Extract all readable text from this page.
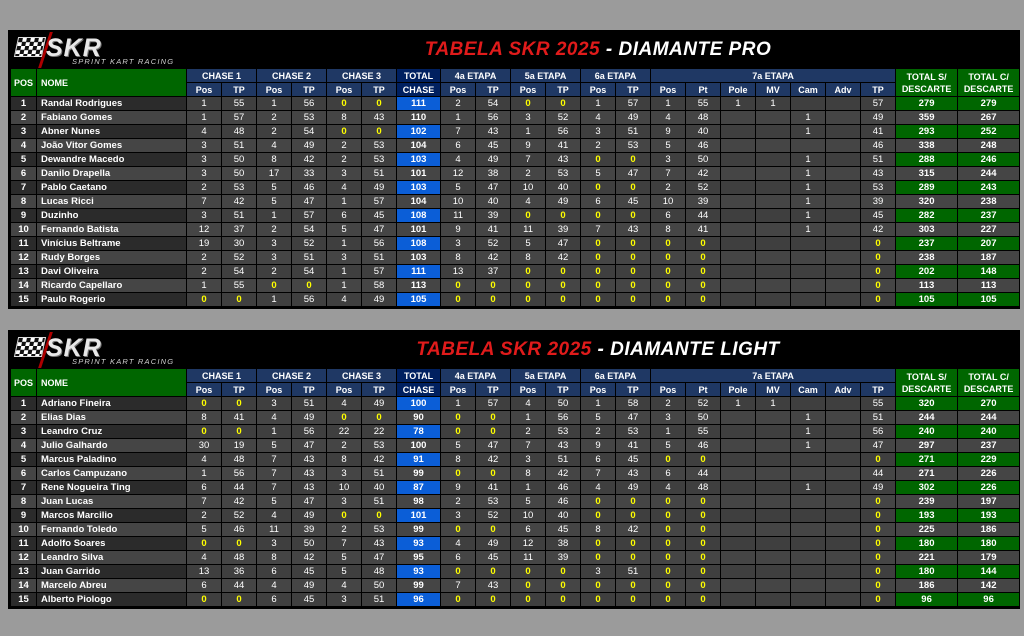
SKR
SPRINT KART RACING
TABELA SKR 2025 - DIAMANTE PRO
POS	NOME	CHASE 1		CHASE 2		CHASE 3		TOTAL	4a ETAPA		5a ETAPA		6a ETAPA		7a ETAPA							TOTAL S/ DESCARTE	TOTAL C/ DESCARTE
		Pos	TP	Pos	TP	Pos	TP	CHASE	Pos	TP	Pos	TP	Pos	TP	Pos	Pt	Pole	MV	Cam	Adv	TP		
1	Randal Rodrigues	1	55	1	56	0	0	111	2	54	0	0	1	57	1	55	1	1			57	279	279
2	Fabiano Gomes	1	57	2	53	8	43	110	1	56	3	52	4	49	4	48			1		49	359	267
3	Abner Nunes	4	48	2	54	0	0	102	7	43	1	56	3	51	9	40			1		41	293	252
4	João Vitor Gomes	3	51	4	49	2	53	104	6	45	9	41	2	53	5	46					46	338	248
5	Dewandre Macedo	3	50	8	42	2	53	103	4	49	7	43	0	0	3	50			1		51	288	246
6	Danilo Drapella	3	50	17	33	3	51	101	12	38	2	53	5	47	7	42			1		43	315	244
7	Pablo Caetano	2	53	5	46	4	49	103	5	47	10	40	0	0	2	52			1		53	289	243
8	Lucas Ricci	7	42	5	47	1	57	104	10	40	4	49	6	45	10	39			1		39	320	238
9	Duzinho	3	51	1	57	6	45	108	11	39	0	0	0	0	6	44			1		45	282	237
10	Fernando Batista	12	37	2	54	5	47	101	9	41	11	39	7	43	8	41			1		42	303	227
11	Vinícius Beltrame	19	30	3	52	1	56	108	3	52	5	47	0	0	0	0					0	237	207
12	Rudy Borges	2	52	3	51	3	51	103	8	42	8	42	0	0	0	0					0	238	187
13	Davi Oliveira	2	54	2	54	1	57	111	13	37	0	0	0	0	0	0					0	202	148
14	Ricardo Capellaro	1	55	0	0	1	58	113	0	0	0	0	0	0	0	0					0	113	113
15	Paulo Rogerio	0	0	1	56	4	49	105	0	0	0	0	0	0	0	0					0	105	105
SKR
SPRINT KART RACING
TABELA SKR 2025 - DIAMANTE LIGHT
POS	NOME	CHASE 1		CHASE 2		CHASE 3		TOTAL	4a ETAPA		5a ETAPA		6a ETAPA		7a ETAPA							TOTAL S/ DESCARTE	TOTAL C/ DESCARTE
		Pos	TP	Pos	TP	Pos	TP	CHASE	Pos	TP	Pos	TP	Pos	TP	Pos	Pt	Pole	MV	Cam	Adv	TP		
1	Adriano Fineira	0	0	3	51	4	49	100	1	57	4	50	1	58	2	52	1	1			55	320	270
2	Elias Dias	8	41	4	49	0	0	90	0	0	1	56	5	47	3	50			1		51	244	244
3	Leandro Cruz	0	0	1	56	22	22	78	0	0	2	53	2	53	1	55			1		56	240	240
4	Julio Galhardo	30	19	5	47	2	53	100	5	47	7	43	9	41	5	46			1		47	297	237
5	Marcus Paladino	4	48	7	43	8	42	91	8	42	3	51	6	45	0	0					0	271	229
6	Carlos Campuzano	1	56	7	43	3	51	99	0	0	8	42	7	43	6	44					44	271	226
7	Rene Nogueira Ting	6	44	7	43	10	40	87	9	41	1	46	4	49	4	48			1		49	302	226
8	Juan Lucas	7	42	5	47	3	51	98	2	53	5	46	0	0	0	0					0	239	197
9	Marcos Marcilio	2	52	4	49	0	0	101	3	52	10	40	0	0	0	0					0	193	193
10	Fernando Toledo	5	46	11	39	2	53	99	0	0	6	45	8	42	0	0					0	225	186
11	Adolfo Soares	0	0	3	50	7	43	93	4	49	12	38	0	0	0	0					0	180	180
12	Leandro Silva	4	48	8	42	5	47	95	6	45	11	39	0	0	0	0					0	221	179
13	Juan Garrido	13	36	6	45	5	48	93	0	0	0	0	3	51	0	0					0	180	144
14	Marcelo Abreu	6	44	4	49	4	50	99	7	43	0	0	0	0	0	0					0	186	142
15	Alberto Piologo	0	0	6	45	3	51	96	0	0	0	0	0	0	0	0					0	96	96
